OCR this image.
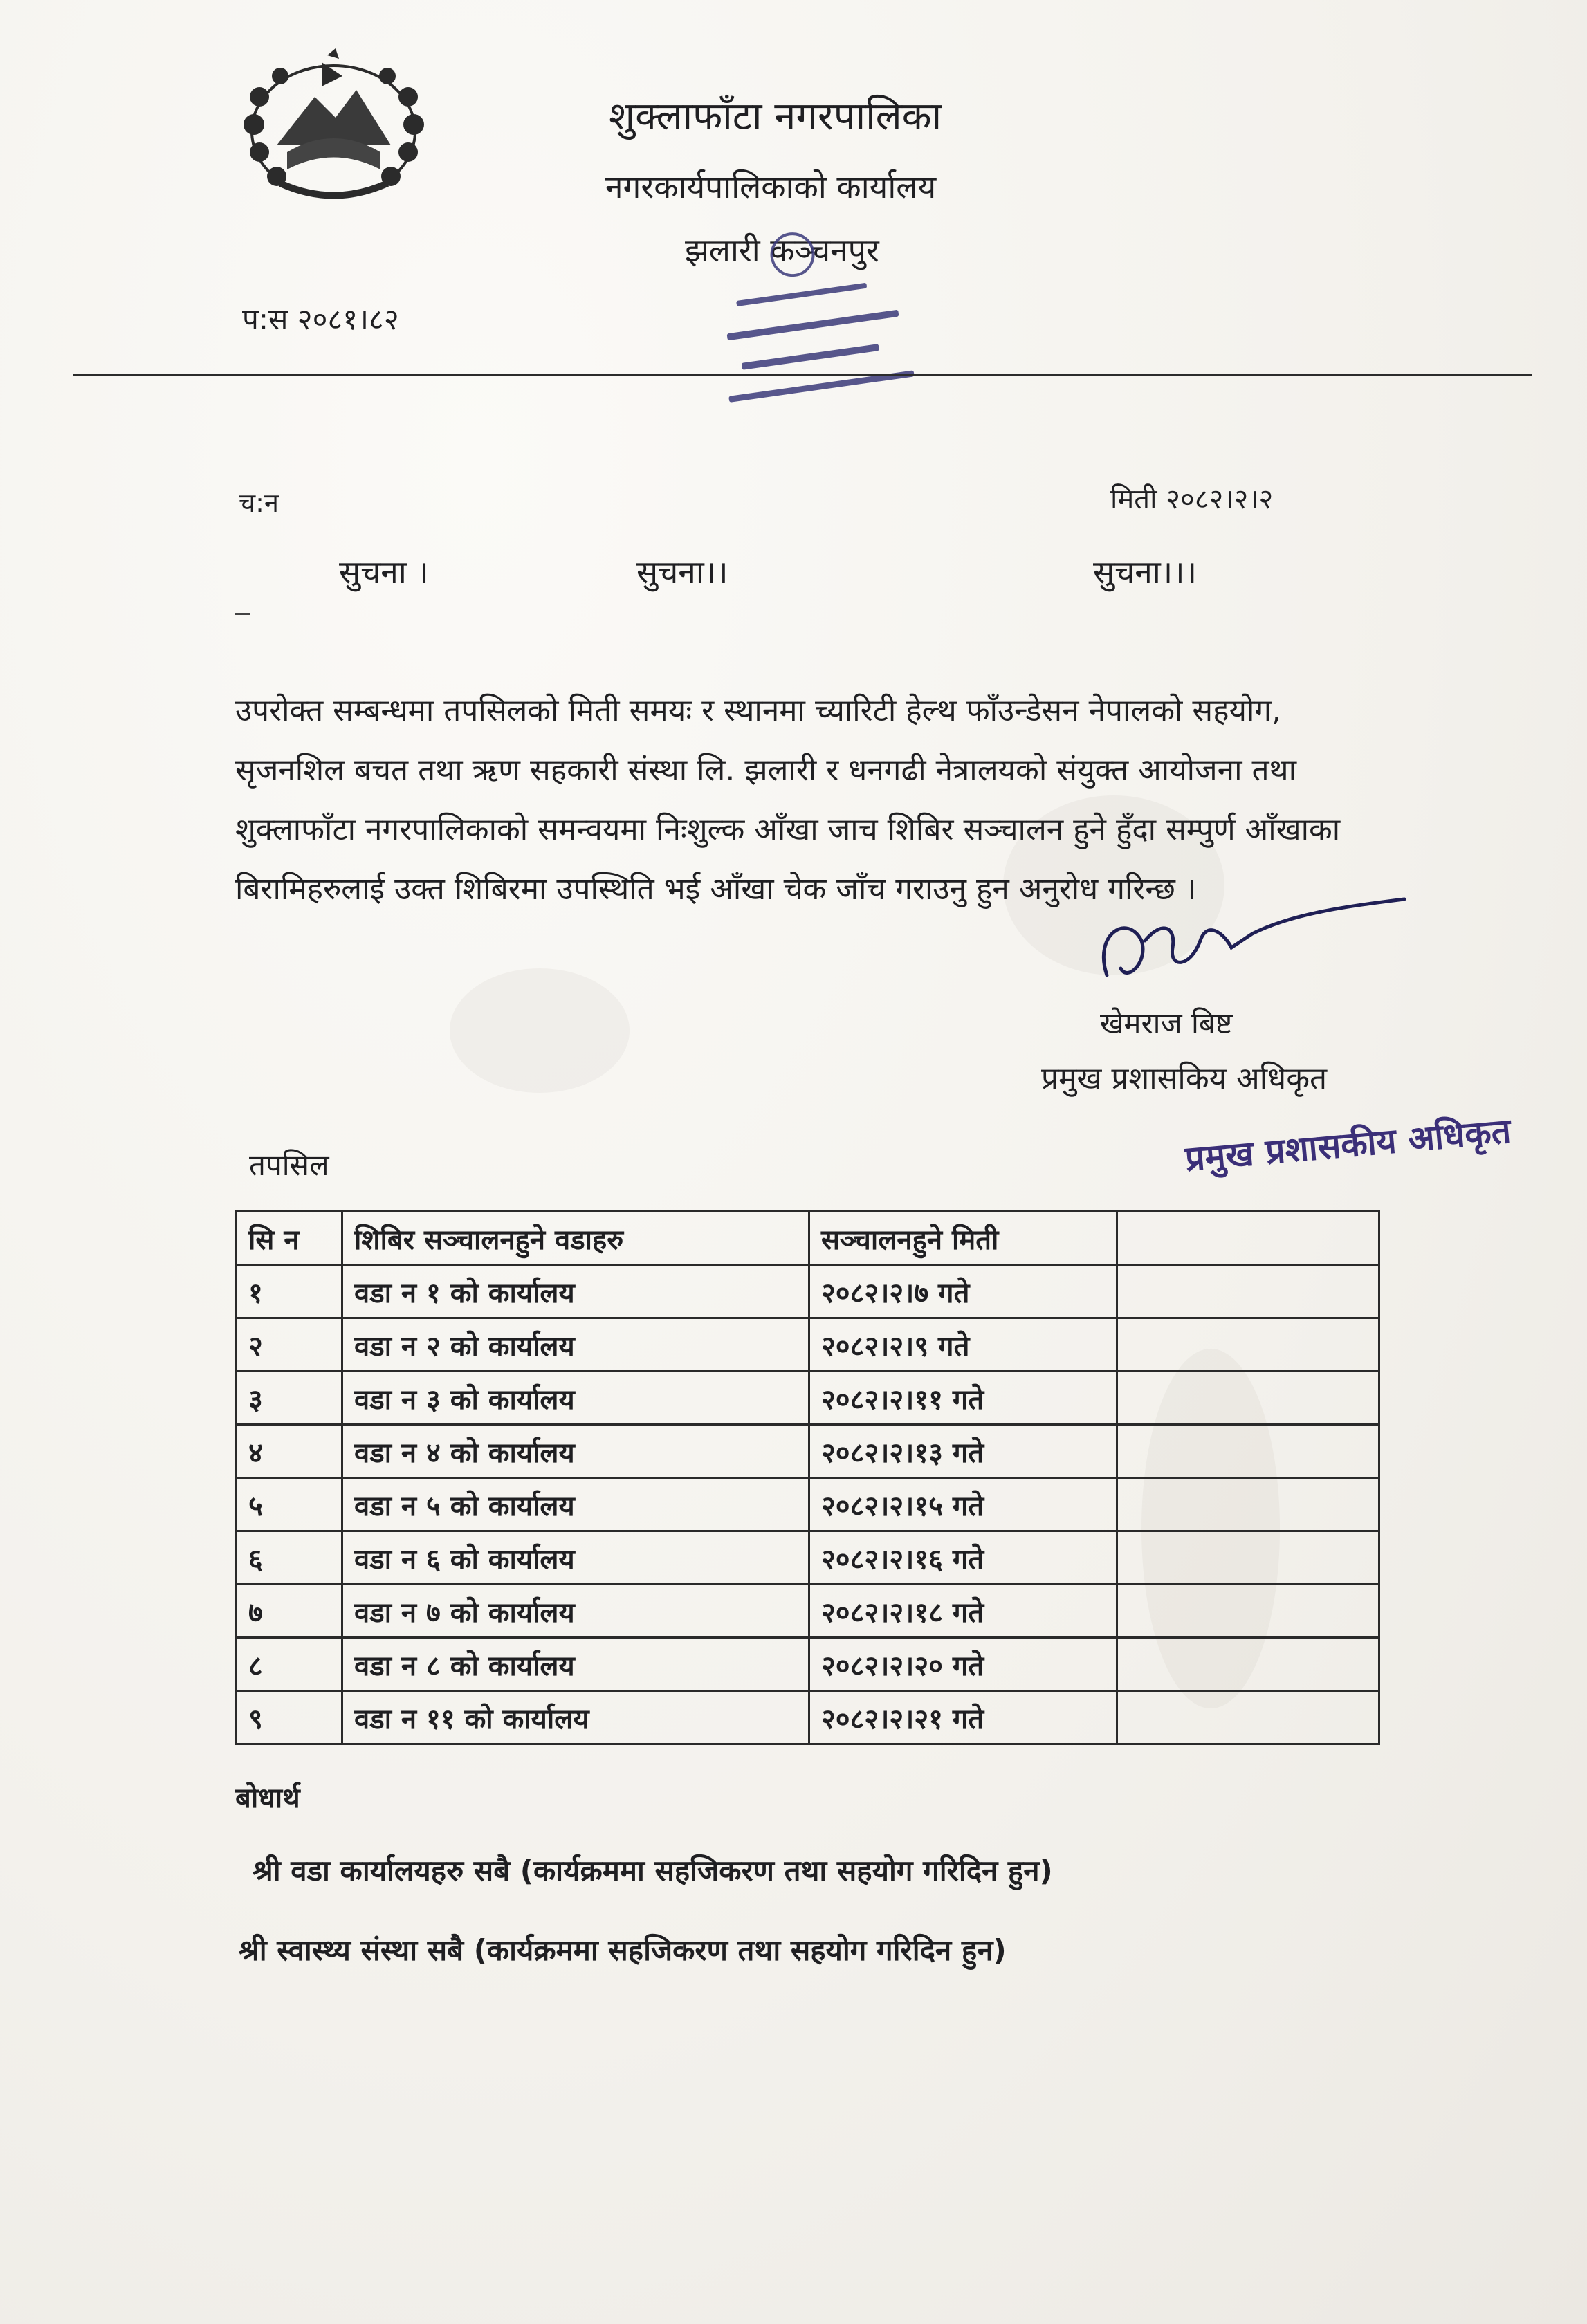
शुक्लाफाँटा नगरपालिका
नगरकार्यपालिकाको कार्यालय
झलारी कञ्चनपुर
प:स २०८१।८२
च:न	मिती २०८२।२।२
सुचना ।	सुचना।।	सुचना।।।

उपरोक्त सम्बन्धमा तपसिलको मिती समयः र स्थानमा च्यारिटी हेल्थ फाँउन्डेसन नेपालको सहयोग, सृजनशिल बचत तथा ऋण सहकारी संस्था लि. झलारी र धनगढी नेत्रालयको संयुक्त आयोजना तथा शुक्लाफाँटा नगरपालिकाको समन्वयमा निःशुल्क आँखा जाच शिबिर सञ्चालन हुने हुँदा सम्पुर्ण आँखाका बिरामिहरुलाई उक्त शिबिरमा उपस्थिति भई आँखा चेक जाँच गराउनु हुन अनुरोध गरिन्छ ।

खेमराज बिष्ट
प्रमुख प्रशासकिय अधिकृत
प्रमुख प्रशासकीय अधिकृत
तपसिल
सि न	शिबिर सञ्चालनहुने वडाहरु	सञ्चालनहुने मिती	
१	वडा न १ को कार्यालय	२०८२।२।७ गते	
२	वडा न २ को कार्यालय	२०८२।२।९ गते	
३	वडा न ३ को कार्यालय	२०८२।२।११ गते	
४	वडा न ४ को कार्यालय	२०८२।२।१३ गते	
५	वडा न ५ को कार्यालय	२०८२।२।१५ गते	
६	वडा न ६ को कार्यालय	२०८२।२।१६ गते	
७	वडा न ७ को कार्यालय	२०८२।२।१८ गते	
८	वडा न ८ को कार्यालय	२०८२।२।२० गते	
९	वडा न ११ को कार्यालय	२०८२।२।२१ गते	
बोधार्थ
श्री वडा कार्यालयहरु सबै (कार्यक्रममा सहजिकरण तथा सहयोग गरिदिन हुन)
श्री स्वास्थ्य संस्था सबै (कार्यक्रममा सहजिकरण तथा सहयोग गरिदिन हुन)
